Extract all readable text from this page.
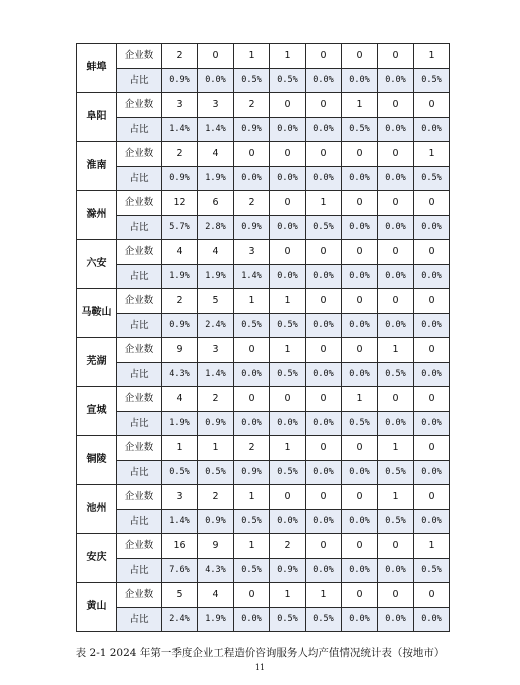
蚌埠	企业数	2	0	1	1	0	0	0	1
	占比	0.9%	0.0%	0.5%	0.5%	0.0%	0.0%	0.0%	0.5%
阜阳	企业数	3	3	2	0	0	1	0	0
	占比	1.4%	1.4%	0.9%	0.0%	0.0%	0.5%	0.0%	0.0%
淮南	企业数	2	4	0	0	0	0	0	1
	占比	0.9%	1.9%	0.0%	0.0%	0.0%	0.0%	0.0%	0.5%
滁州	企业数	12	6	2	0	1	0	0	0
	占比	5.7%	2.8%	0.9%	0.0%	0.5%	0.0%	0.0%	0.0%
六安	企业数	4	4	3	0	0	0	0	0
	占比	1.9%	1.9%	1.4%	0.0%	0.0%	0.0%	0.0%	0.0%
马鞍山	企业数	2	5	1	1	0	0	0	0
	占比	0.9%	2.4%	0.5%	0.5%	0.0%	0.0%	0.0%	0.0%
芜湖	企业数	9	3	0	1	0	0	1	0
	占比	4.3%	1.4%	0.0%	0.5%	0.0%	0.0%	0.5%	0.0%
宣城	企业数	4	2	0	0	0	1	0	0
	占比	1.9%	0.9%	0.0%	0.0%	0.0%	0.5%	0.0%	0.0%
铜陵	企业数	1	1	2	1	0	0	1	0
	占比	0.5%	0.5%	0.9%	0.5%	0.0%	0.0%	0.5%	0.0%
池州	企业数	3	2	1	0	0	0	1	0
	占比	1.4%	0.9%	0.5%	0.0%	0.0%	0.0%	0.5%	0.0%
安庆	企业数	16	9	1	2	0	0	0	1
	占比	7.6%	4.3%	0.5%	0.9%	0.0%	0.0%	0.0%	0.5%
黄山	企业数	5	4	0	1	1	0	0	0
	占比	2.4%	1.9%	0.0%	0.5%	0.5%	0.0%	0.0%	0.0%
表 2-1 2024 年第一季度企业工程造价咨询服务人均产值情况统计表（按地市）
11
